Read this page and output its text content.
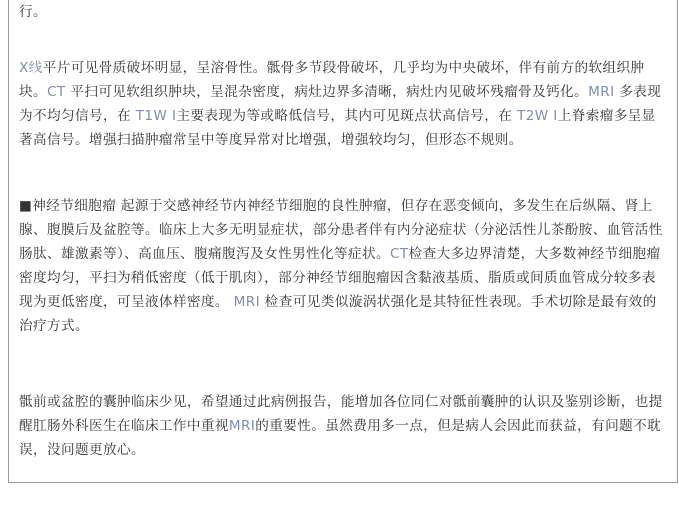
行。

X线平片可见骨质破坏明显，呈溶骨性。骶骨多节段骨破坏，几乎均为中央破坏，伴有前方的软组织肿块。CT 平扫可见软组织肿块，呈混杂密度，病灶边界多清晰，病灶内见破坏残瘤骨及钙化。MRI 多表现为不均匀信号，在 T1W I主要表现为等或略低信号，其内可见斑点状高信号，在 T2W I上脊索瘤多呈显著高信号。增强扫描肿瘤常呈中等度异常对比增强，增强较均匀，但形态不规则。

■神经节细胞瘤 起源于交感神经节内神经节细胞的良性肿瘤，但存在恶变倾向，多发生在后纵隔、肾上腺、腹膜后及盆腔等。临床上大多无明显症状，部分患者伴有内分泌症状（分泌活性儿茶酚胺、血管活性肠肽、雄激素等）、高血压、腹痛腹泻及女性男性化等症状。CT检查大多边界清楚，大多数神经节细胞瘤密度均匀，平扫为稍低密度（低于肌肉），部分神经节细胞瘤因含黏液基质、脂质或间质血管成分较多表现为更低密度，可呈液体样密度。 MRI 检查可见类似漩涡状强化是其特征性表现。手术切除是最有效的治疗方式。

骶前或盆腔的囊肿临床少见，希望通过此病例报告，能增加各位同仁对骶前囊肿的认识及鉴别诊断，也提醒肛肠外科医生在临床工作中重视MRI的重要性。虽然费用多一点，但是病人会因此而获益，有问题不耽误，没问题更放心。
